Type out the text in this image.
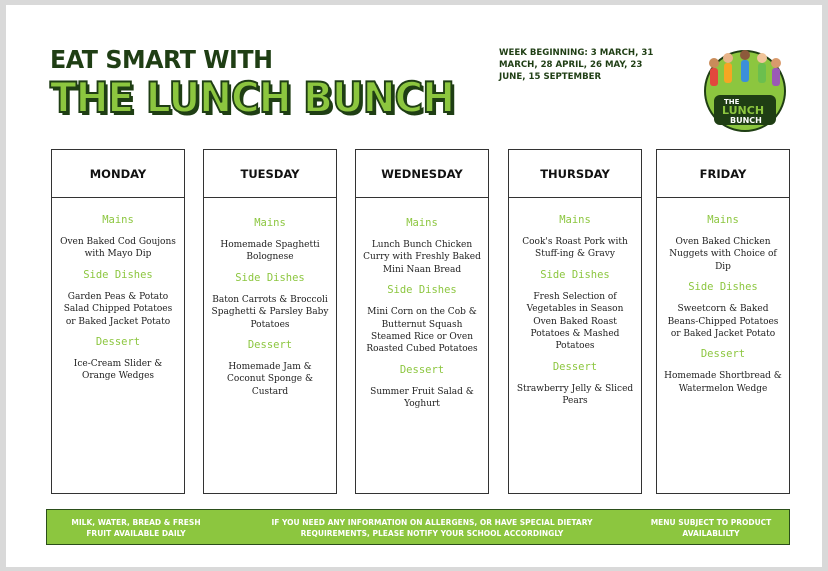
EAT SMART WITH
THE LUNCH BUNCH
WEEK BEGINNING: 3 MARCH, 31 MARCH, 28 APRIL, 26 MAY, 23 JUNE, 15 SEPTEMBER
THE
LUNCH
BUNCH
MONDAY
Mains
Oven Baked Cod Goujons with Mayo Dip
Side Dishes
Garden Peas & Potato Salad Chipped Potatoes or Baked Jacket Potato
Dessert
Ice-Cream Slider & Orange Wedges
TUESDAY
Mains
Homemade Spaghetti Bolognese
Side Dishes
Baton Carrots & Broccoli Spaghetti & Parsley Baby Potatoes
Dessert
Homemade Jam & Coconut Sponge & Custard
WEDNESDAY
Mains
Lunch Bunch Chicken Curry with Freshly Baked Mini Naan Bread
Side Dishes
Mini Corn on the Cob & Butternut Squash Steamed Rice or Oven Roasted Cubed Potatoes
Dessert
Summer Fruit Salad & Yoghurt
THURSDAY
Mains
Cook's Roast Pork with Stuff-ing & Gravy
Side Dishes
Fresh Selection of Vegetables in Season Oven Baked Roast Potatoes & Mashed Potatoes
Dessert
Strawberry Jelly & Sliced Pears
FRIDAY
Mains
Oven Baked Chicken Nuggets with Choice of Dip
Side Dishes
Sweetcorn & Baked Beans-Chipped Potatoes or Baked Jacket Potato
Dessert
Homemade Shortbread & Watermelon Wedge
MILK, WATER, BREAD & FRESH FRUIT AVAILABLE DAILY
IF YOU NEED ANY INFORMATION ON ALLERGENS, OR HAVE SPECIAL DIETARY REQUIREMENTS, PLEASE NOTIFY YOUR SCHOOL ACCORDINGLY
MENU SUBJECT TO PRODUCT AVAILABLILTY
